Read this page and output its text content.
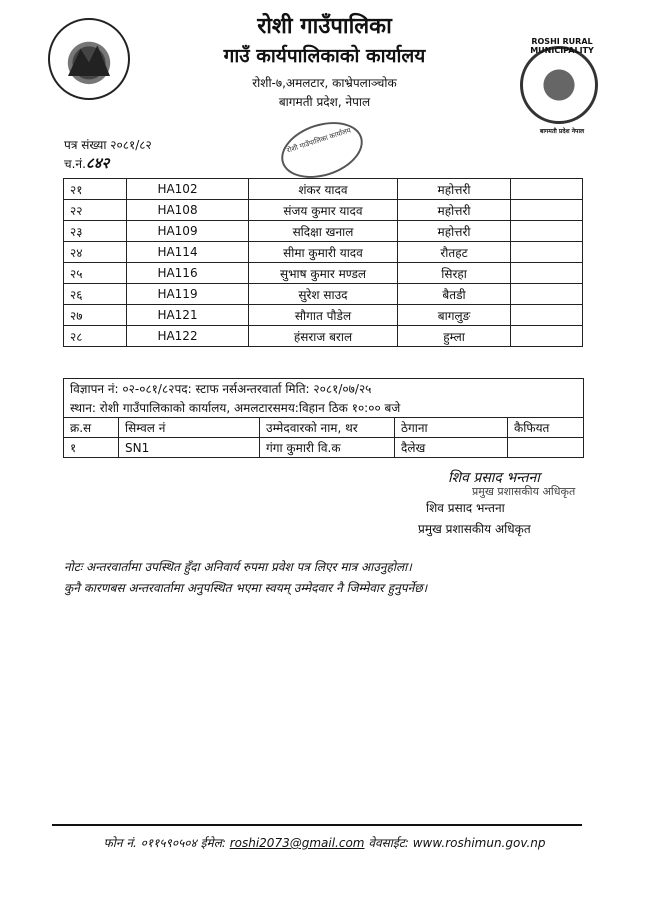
ROSHI RURAL MUNICIPALITY
बागमती प्रदेश नेपाल
रोशी गाउँपालिका
गाउँ कार्यपालिकाको कार्यालय
रोशी-७,अमलटार, काभ्रेपलाञ्चोक
बागमती प्रदेश, नेपाल
पत्र संख्या २०८१/८२
च.नं.८४२
रोशी गाउँपालिका कार्यालय
२१	HA102	शंकर यादव	महोत्तरी	
२२	HA108	संजय कुमार यादव	महोत्तरी	
२३	HA109	सदिक्षा खनाल	महोत्तरी	
२४	HA114	सीमा कुमारी यादव	रौतहट	
२५	HA116	सुभाष कुमार मण्डल	सिरहा	
२६	HA119	सुरेश साउद	बैतडी	
२७	HA121	सौगात पौडेल	बागलुङ	
२८	HA122	हंसराज बराल	हुम्ला	
विज्ञापन नं: ०२-०८१/८२पद: स्टाफ नर्सअन्तरवार्ता मिति: २०८१/०७/२५				
स्थान: रोशी गाउँपालिकाको कार्यालय, अमलटारसमय:विहान ठिक १०:०० बजे				
क्र.स	सिम्वल नं	उम्मेदवारको नाम, थर	ठेगाना	कैफियत
१	SN1	गंगा कुमारी वि.क	दैलेख	
शिव प्रसाद भन्तना
प्रमुख प्रशासकीय अधिकृत
शिव प्रसाद भन्तना
प्रमुख प्रशासकीय अधिकृत
नोटः अन्तरवार्तामा उपस्थित हुँदा अनिवार्य रुपमा प्रवेश पत्र लिएर मात्र आउनुहोला।
कुनै कारणबस अन्तरवार्तामा अनुपस्थित भएमा स्वयम् उम्मेदवार नै जिम्मेवार हुनुपर्नेछ।
फोन नं. ०११५९०५०४ ईमेल: roshi2073@gmail.com वेवसाईट: www.roshimun.gov.np
